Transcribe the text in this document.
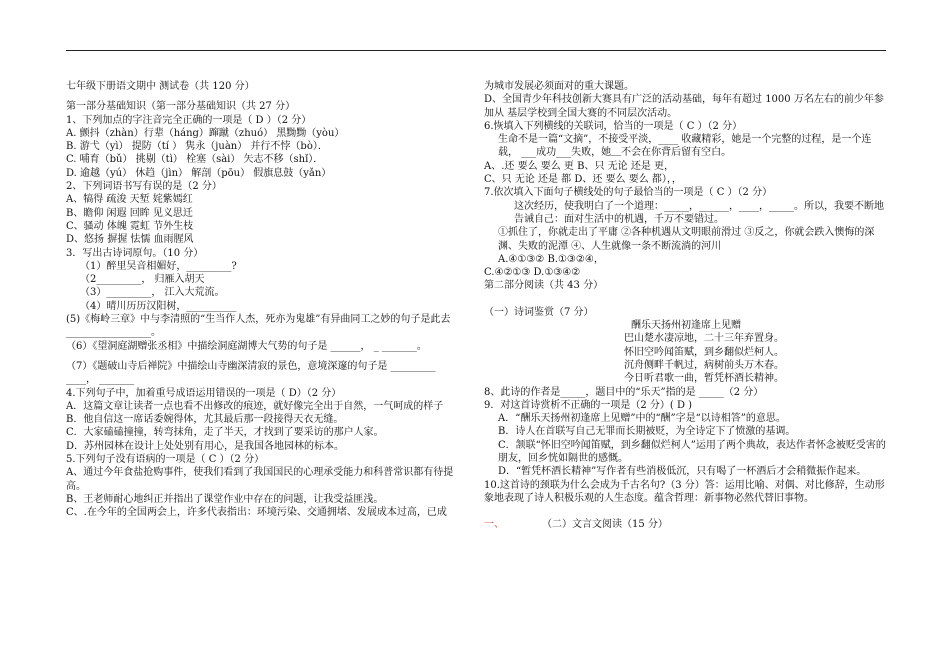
七年级下册语文期中 测试卷（共 120 分）

第一部分基础知识（第一部分基础知识（共 27 分）

1、下列加点的字注音完全正确的一项是（ D ）（2 分）

A. 颤抖（zhàn）行辈（háng）蹿蹴（zhuó） 黑黝黝（yòu）

B. 游弋（yì） 提防（tí ） 隽永（juàn） 并行不悖（bò）．

C. 哺育（bǔ） 挑剔（tì） 栓塞（sài） 矢志不移（shǐ）．

D. 逾越（yú） 休趋（jìn） 解剖（pōu） 假旗息鼓（yǎn）

2、下列词语书写有误的是（2 分）

A、犒得 疏浚 天堑 姹紫嫣红

B、瞻仰 闲遐 回眸 见义思迁

C、骚动 体魄 霓虹 节外生枝

D、悠扬 摒握 怯懦 血雨腥风

3．写出古诗词原句。（10 分）

（1）醉里吴音相媚好，_________?

（2_________， 归雁入胡天

（3）_________， 江入大荒流。

（4）晴川历历汉阳树，__________

(5)《梅岭三章》中与李清照的“生当作人杰，死亦为鬼雄”有异曲同工之妙的句子是此去_________________。

（6）《望洞庭湖赠张丞相》中描绘洞庭湖博大气势的句子是 ______， _ _______。

（7）《题破山寺后禅院》中描绘山寺幽深清寂的景色，意境深邃的句子是 _________ ____， _______

4.下列句子中，加着重号成语运用错误的一项是（ D）（2 分）

A．这篇文章让读者一点也看不出修改的痕迹，就好像完全出于自然，一气呵成的样子

B．他自信这一席话委婉得体，尤其最后那一段接得天衣无缝。

C．大家磕磕撞撞，转弯抹角，走了半天，才找到了要采访的那户人家。

D．苏州园林在设计上处处别有用心，是我国各地园林的标本。

5.下列句子没有语病的一项是（ C ）（2 分）

A、通过今年食盐抢购事件，使我们看到了我国国民的心理承受能力和科普常识都有待提高。

B、王老师耐心地纠正并指出了课堂作业中存在的问题，让我受益匪浅。

C、.在今年的全国两会上，许多代表指出：环境污染、交通拥堵、发展成本过高，已成

为城市发展必须面对的重大课题。

D、全国青少年科技创新大赛具有广泛的活动基础，每年有超过 1000 万名左右的前少年参加从 基层学校到全国大赛的不同层次活动。

6.恢填入下列横线的关联词，恰当的一项是（ C ）（2 分）

生命不是一篇“文摘”，不接受平淡，____ 收藏精彩，她是一个完整的过程，是一个连载， ___成功___失败，她＿不会在你背后留有空白。

A、.还 要么 要么 更 B、只 无论 还是 更，

C、只 无论 还是 都 D、还 要么 要么 都），，

7.依次填入下面句子横线处的句子最恰当的一项是（ C ）（2 分）

这次经历，使我明白了一个道理：_____，______，____，_____。所以，我要不断地告诫自己：面对生活中的机遇，千万不要错过。

①抓住了，你就走出了平庸 ②各种机遇从文明眼前滑过 ③反之，你就会跌入懊悔的深渊、失败的泥潭 ④、人生就像一条不断流淌的河川

A.④①③② B.①③②④，

C.④②①③ D.①③④②

第二部分阅读（共 43 分）

（一）诗词鉴赏（7 分）

酬乐天扬州初逢席上见赠

巴山楚水凄凉地，二十三年弃置身。

怀旧空吟闻笛赋，到乡翻似烂柯人。

沉舟侧畔千帆过，病树前头万木春。

今日听君歌一曲，暂凭杯酒长精神。

8、此诗的作者是_____，题目中的“乐天”指的是 _____（2 分）

9．对这首诗赏析不正确的一项是（2 分）( D )

A．“酬乐天扬州初逢席上见赠”中的“酬”字是“以诗相答”的意思。

B．诗人在首联写自己无罪而长期被贬，为全诗定下了愤激的基调。

C．颔联“怀旧空吟闻笛赋，到乡翻似烂柯人”运用了两个典故，表达作者怀念被贬受害的朋友，回乡恍如隔世的感慨。

D．“暂凭杯酒长精神”写作者有些消极低沉，只有喝了一杯酒后才会稍微振作起来。

10.这首诗的颈联为什么会成为千古名句?（3 分）答：运用比喻、对偶、对比修辞，生动形象地表现了诗人积极乐观的人生态度。蕴含哲理：新事物必然代替旧事物。

一、	（二）文言文阅读（15 分）
